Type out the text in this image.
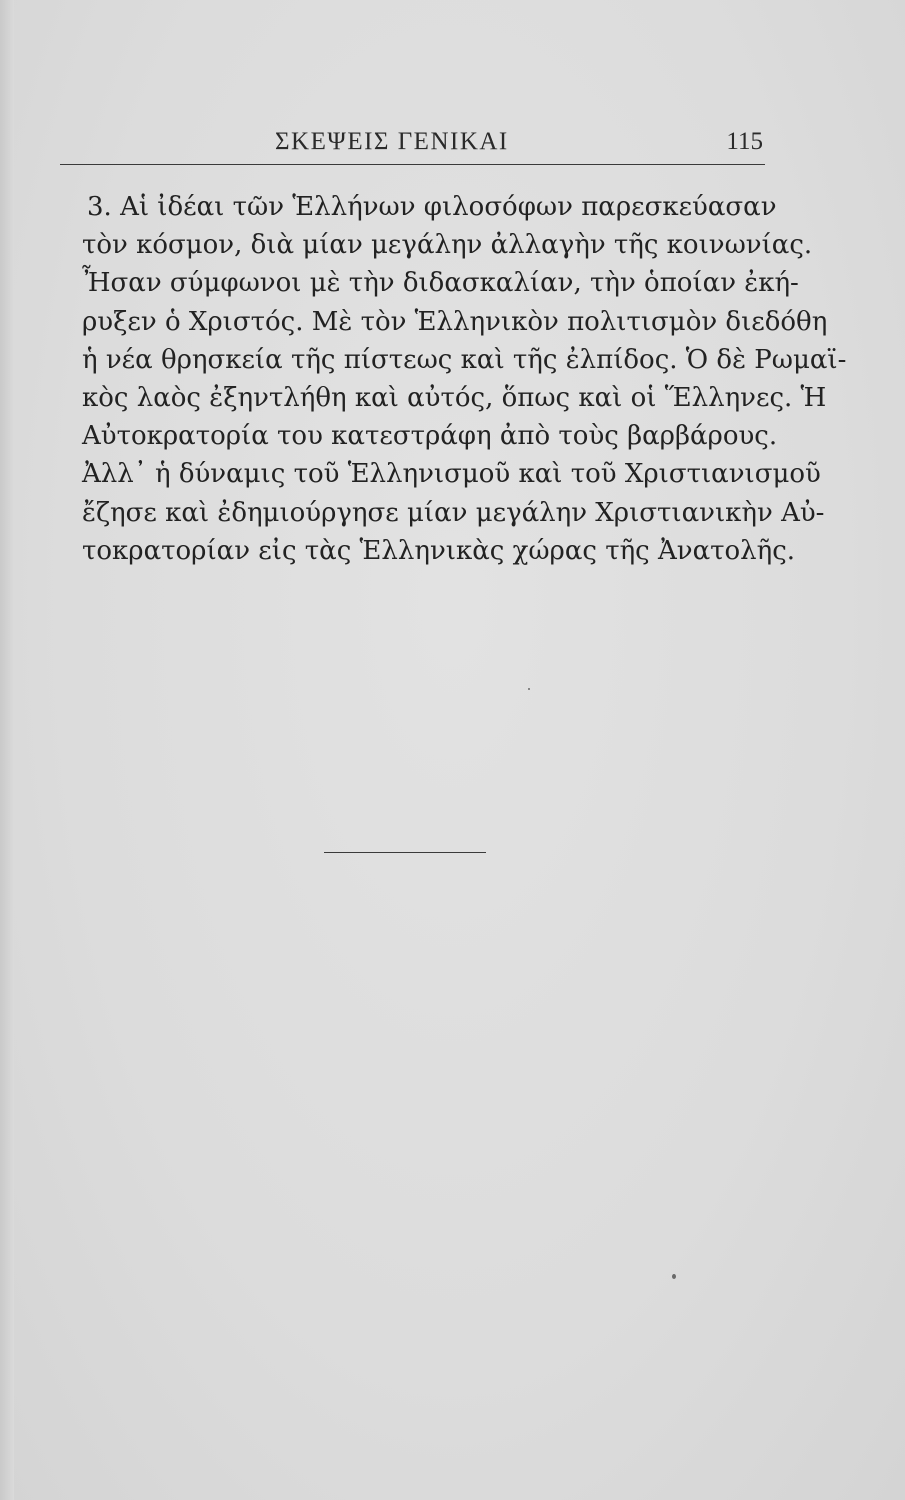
ΣΚΕΨΕΙΣ ΓΕΝΙΚΑΙ	115

3. Αἱ ἰδέαι τῶν Ἑλλήνων φιλοσόφων παρεσκεύασαν
τὸν κόσμον, διὰ μίαν μεγάλην ἀλλαγὴν τῆς κοινωνίας.
Ἦσαν σύμφωνοι μὲ τὴν διδασκαλίαν, τὴν ὁποίαν ἐκή-
ρυξεν ὁ Χριστός. Μὲ τὸν Ἑλληνικὸν πολιτισμὸν διεδόθη
ἡ νέα θρησκεία τῆς πίστεως καὶ τῆς ἐλπίδος. Ὁ δὲ Ρωμαϊ-
κὸς λαὸς ἐξηντλήθη καὶ αὐτός, ὅπως καὶ οἱ Ἕλληνες. Ἡ
Αὐτοκρατορία του κατεστράφη ἀπὸ τοὺς βαρβάρους.
Ἀλλ᾽ ἡ δύναμις τοῦ Ἑλληνισμοῦ καὶ τοῦ Χριστιανισμοῦ
ἔζησε καὶ ἐδημιούργησε μίαν μεγάλην Χριστιανικὴν Αὐ-
τοκρατορίαν εἰς τὰς Ἑλληνικὰς χώρας τῆς Ἀνατολῆς.
